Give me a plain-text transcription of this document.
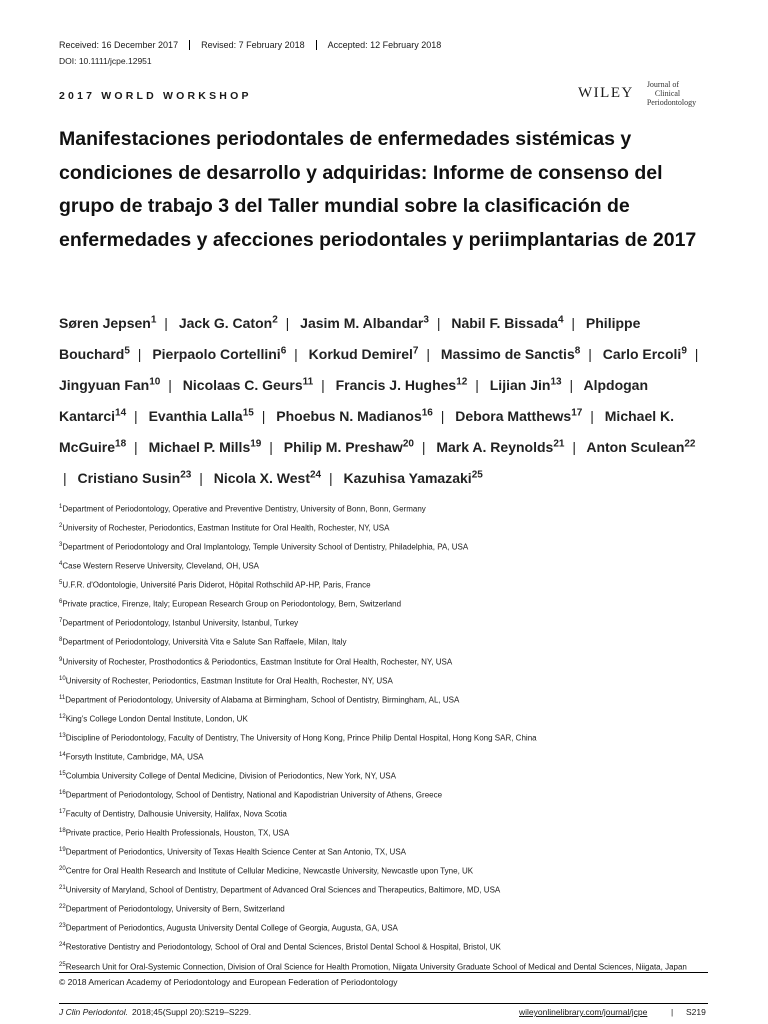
Received: 16 December 2017	Revised: 7 February 2018	Accepted: 12 February 2018
DOI: 10.1111/jcpe.12951
2017 WORLD WORKSHOP	WILEY
Journal of
Clinical
Periodontology
Manifestaciones periodontales de enfermedades sistémicas y condiciones de desarrollo y adquiridas: Informe de consenso del grupo de trabajo 3 del Taller mundial sobre la clasificación de enfermedades y afecciones periodontales y periimplantarias de 2017
Søren Jepsen$^1$ | Jack G. Caton$^2$ | Jasim M. Albandar$^3$ | Nabil F. Bissada$^4$ | Philippe Bouchard$^5$ | Pierpaolo Cortellini$^6$ | Korkud Demirel$^7$ | Massimo de Sanctis$^8$ | Carlo Ercoli$^9$ | Jingyuan Fan$^{10}$ | Nicolaas C. Geurs$^{11}$ | Francis J. Hughes$^{12}$ | Lijian Jin$^{13}$ | Alpdogan Kantarci$^{14}$ | Evanthia Lalla$^{15}$ | Phoebus N. Madianos$^{16}$ | Debora Matthews$^{17}$ | Michael K. McGuire$^{18}$ | Michael P. Mills$^{19}$ | Philip M. Preshaw$^{20}$ | Mark A. Reynolds$^{21}$ | Anton Sculean$^{22}$ | Cristiano Susin$^{23}$ | Nicola X. West$^{24}$ | Kazuhisa Yamazaki$^{25}$
$^1$Department of Periodontology, Operative and Preventive Dentistry, University of Bonn, Bonn, Germany
$^2$University of Rochester, Periodontics, Eastman Institute for Oral Health, Rochester, NY, USA
$^3$Department of Periodontology and Oral Implantology, Temple University School of Dentistry, Philadelphia, PA, USA
$^4$Case Western Reserve University, Cleveland, OH, USA
$^5$U.F.R. d'Odontologie, Université Paris Diderot, Hôpital Rothschild AP-HP, Paris, France
$^6$Private practice, Firenze, Italy; European Research Group on Periodontology, Bern, Switzerland
$^7$Department of Periodontology, Istanbul University, Istanbul, Turkey
$^8$Department of Periodontology, Università Vita e Salute San Raffaele, Milan, Italy
$^9$University of Rochester, Prosthodontics & Periodontics, Eastman Institute for Oral Health, Rochester, NY, USA
$^{10}$University of Rochester, Periodontics, Eastman Institute for Oral Health, Rochester, NY, USA
$^{11}$Department of Periodontology, University of Alabama at Birmingham, School of Dentistry, Birmingham, AL, USA
$^{12}$King's College London Dental Institute, London, UK
$^{13}$Discipline of Periodontology, Faculty of Dentistry, The University of Hong Kong, Prince Philip Dental Hospital, Hong Kong SAR, China
$^{14}$Forsyth Institute, Cambridge, MA, USA
$^{15}$Columbia University College of Dental Medicine, Division of Periodontics, New York, NY, USA
$^{16}$Department of Periodontology, School of Dentistry, National and Kapodistrian University of Athens, Greece
$^{17}$Faculty of Dentistry, Dalhousie University, Halifax, Nova Scotia
$^{18}$Private practice, Perio Health Professionals, Houston, TX, USA
$^{19}$Department of Periodontics, University of Texas Health Science Center at San Antonio, TX, USA
$^{20}$Centre for Oral Health Research and Institute of Cellular Medicine, Newcastle University, Newcastle upon Tyne, UK
$^{21}$University of Maryland, School of Dentistry, Department of Advanced Oral Sciences and Therapeutics, Baltimore, MD, USA
$^{22}$Department of Periodontology, University of Bern, Switzerland
$^{23}$Department of Periodontics, Augusta University Dental College of Georgia, Augusta, GA, USA
$^{24}$Restorative Dentistry and Periodontology, School of Oral and Dental Sciences, Bristol Dental School & Hospital, Bristol, UK
$^{25}$Research Unit for Oral-Systemic Connection, Division of Oral Science for Health Promotion, Niigata University Graduate School of Medical and Dental Sciences, Niigata, Japan
© 2018 American Academy of Periodontology and European Federation of Periodontology
J Clin Periodontol. 2018;45(Suppl 20):S219–S229.	wileyonlinelibrary.com/journal/jcpe	| S219
